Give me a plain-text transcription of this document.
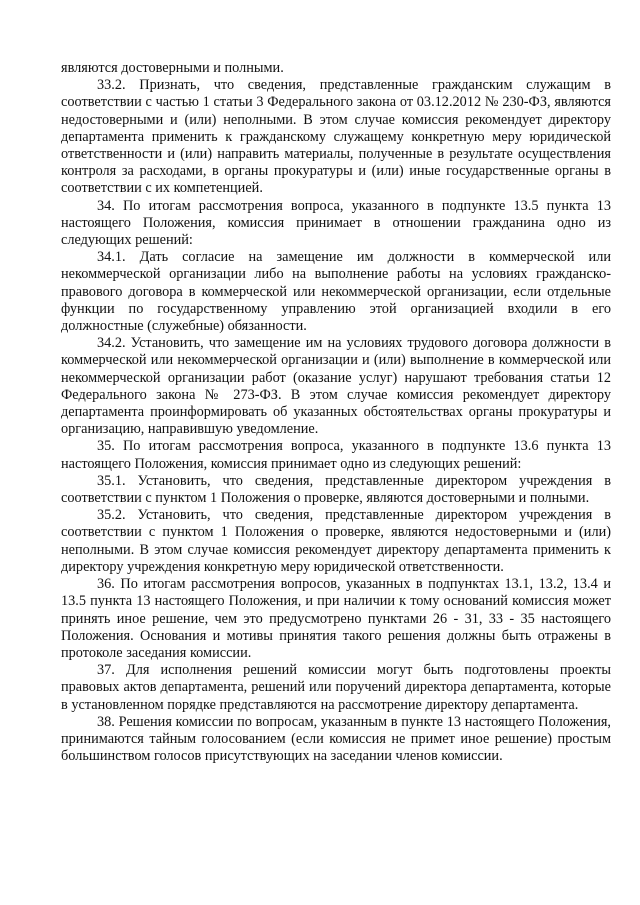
являются достоверными и полными.

33.2. Признать, что сведения, представленные гражданским служащим в соответствии с частью 1 статьи 3 Федерального закона от 03.12.2012 № 230-ФЗ, являются недостоверными и (или) неполными. В этом случае комиссия рекомендует директору департамента применить к гражданскому служащему конкретную меру юридической ответственности и (или) направить материалы, полученные в результате осуществления контроля за расходами, в органы прокуратуры и (или) иные государственные органы в соответствии с их компетенцией.

34. По итогам рассмотрения вопроса, указанного в подпункте 13.5 пункта 13 настоящего Положения, комиссия принимает в отношении гражданина одно из следующих решений:

34.1. Дать согласие на замещение им должности в коммерческой или некоммерческой организации либо на выполнение работы на условиях гражданско-правового договора в коммерческой или некоммерческой организации, если отдельные функции по государственному управлению этой организацией входили в его должностные (служебные) обязанности.

34.2. Установить, что замещение им на условиях трудового договора должности в коммерческой или некоммерческой организации и (или) выполнение в коммерческой или некоммерческой организации работ (оказание услуг) нарушают требования статьи 12 Федерального закона № 273-ФЗ. В этом случае комиссия рекомендует директору департамента проинформировать об указанных обстоятельствах органы прокуратуры и организацию, направившую уведомление.

35. По итогам рассмотрения вопроса, указанного в подпункте 13.6 пункта 13 настоящего Положения, комиссия принимает одно из следующих решений:

35.1. Установить, что сведения, представленные директором учреждения в соответствии с пунктом 1 Положения о проверке, являются достоверными и полными.

35.2. Установить, что сведения, представленные директором учреждения в соответствии с пунктом 1 Положения о проверке, являются недостоверными и (или) неполными. В этом случае комиссия рекомендует директору департамента применить к директору учреждения конкретную меру юридической ответственности.

36. По итогам рассмотрения вопросов, указанных в подпунктах 13.1, 13.2, 13.4 и 13.5 пункта 13 настоящего Положения, и при наличии к тому оснований комиссия может принять иное решение, чем это предусмотрено пунктами 26 - 31, 33 - 35 настоящего Положения. Основания и мотивы принятия такого решения должны быть отражены в протоколе заседания комиссии.

37. Для исполнения решений комиссии могут быть подготовлены проекты правовых актов департамента, решений или поручений директора департамента, которые в установленном порядке представляются на рассмотрение директору департамента.

38. Решения комиссии по вопросам, указанным в пункте 13 настоящего Положения, принимаются тайным голосованием (если комиссия не примет иное решение) простым большинством голосов присутствующих на заседании членов комиссии.
